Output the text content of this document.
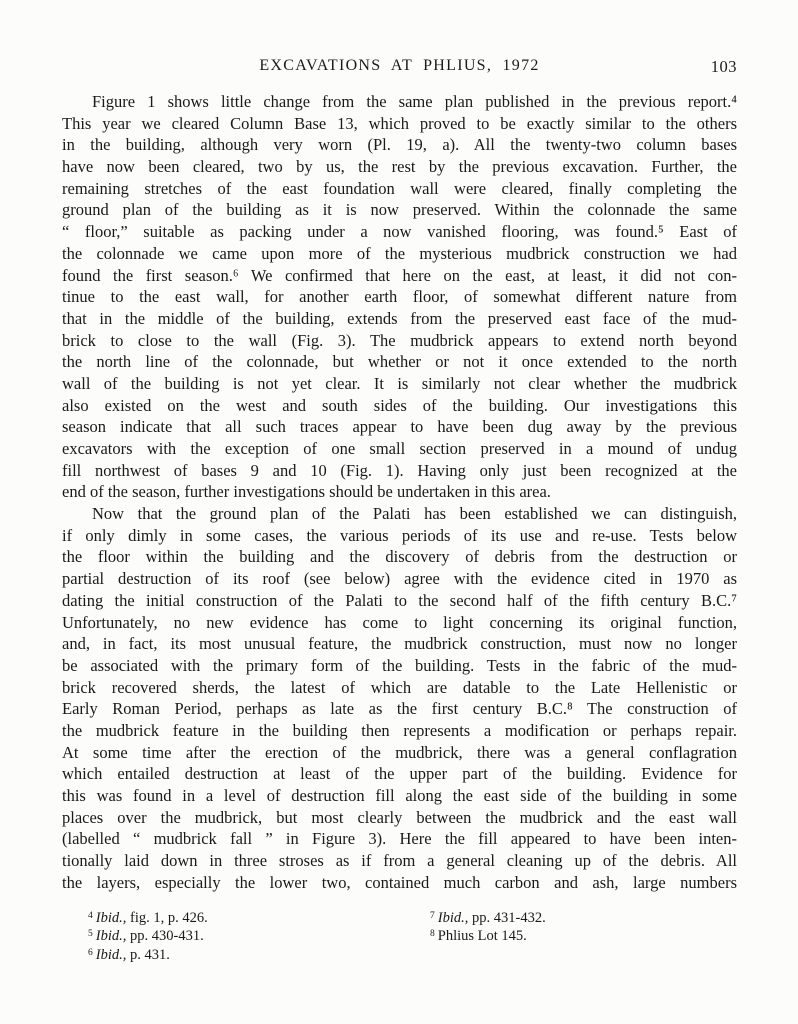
EXCAVATIONS AT PHLIUS, 1972	103
Figure 1 shows little change from the same plan published in the previous report.⁴
This year we cleared Column Base 13, which proved to be exactly similar to the others
in the building, although very worn (Pl. 19, a). All the twenty-two column bases
have now been cleared, two by us, the rest by the previous excavation. Further, the
remaining stretches of the east foundation wall were cleared, finally completing the
ground plan of the building as it is now preserved. Within the colonnade the same
“ floor,” suitable as packing under a now vanished flooring, was found.⁵ East of
the colonnade we came upon more of the mysterious mudbrick construction we had
found the first season.⁶ We confirmed that here on the east, at least, it did not con-
tinue to the east wall, for another earth floor, of somewhat different nature from
that in the middle of the building, extends from the preserved east face of the mud-
brick to close to the wall (Fig. 3). The mudbrick appears to extend north beyond
the north line of the colonnade, but whether or not it once extended to the north
wall of the building is not yet clear. It is similarly not clear whether the mudbrick
also existed on the west and south sides of the building. Our investigations this
season indicate that all such traces appear to have been dug away by the previous
excavators with the exception of one small section preserved in a mound of undug
fill northwest of bases 9 and 10 (Fig. 1). Having only just been recognized at the
end of the season, further investigations should be undertaken in this area.
Now that the ground plan of the Palati has been established we can distinguish,
if only dimly in some cases, the various periods of its use and re-use. Tests below
the floor within the building and the discovery of debris from the destruction or
partial destruction of its roof (see below) agree with the evidence cited in 1970 as
dating the initial construction of the Palati to the second half of the fifth century B.C.⁷
Unfortunately, no new evidence has come to light concerning its original function,
and, in fact, its most unusual feature, the mudbrick construction, must now no longer
be associated with the primary form of the building. Tests in the fabric of the mud-
brick recovered sherds, the latest of which are datable to the Late Hellenistic or
Early Roman Period, perhaps as late as the first century B.C.⁸ The construction of
the mudbrick feature in the building then represents a modification or perhaps repair.
At some time after the erection of the mudbrick, there was a general conflagration
which entailed destruction at least of the upper part of the building. Evidence for
this was found in a level of destruction fill along the east side of the building in some
places over the mudbrick, but most clearly between the mudbrick and the east wall
(labelled “ mudbrick fall ” in Figure 3). Here the fill appeared to have been inten-
tionally laid down in three stroses as if from a general cleaning up of the debris. All
the layers, especially the lower two, contained much carbon and ash, large numbers
$^4$ Ibid., fig. 1, p. 426.
$^5$ Ibid., pp. 430-431.
$^6$ Ibid., p. 431.
$^7$ Ibid., pp. 431-432.
$^8$ Phlius Lot 145.
